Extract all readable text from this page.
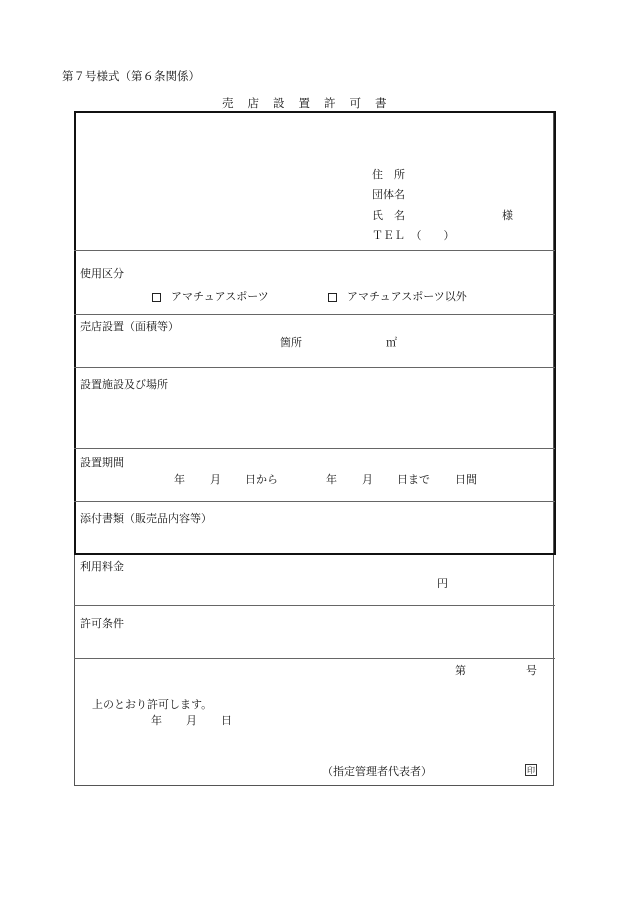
第７号様式（第６条関係）
売店設置許可書
住　所
団体名
氏　名	様
ＴＥＬ　（　　）
使用区分
アマチュアスポーツ	アマチュアスポーツ以外
売店設置（面積等）
箇所	㎡
設置施設及び場所
設置期間
年 月 日から	年 月 日まで 日間
添付書類（販売品内容等）
利用料金
円
許可条件
第	号
上のとおり許可します。
年 月 日
（指定管理者代表者）	印
